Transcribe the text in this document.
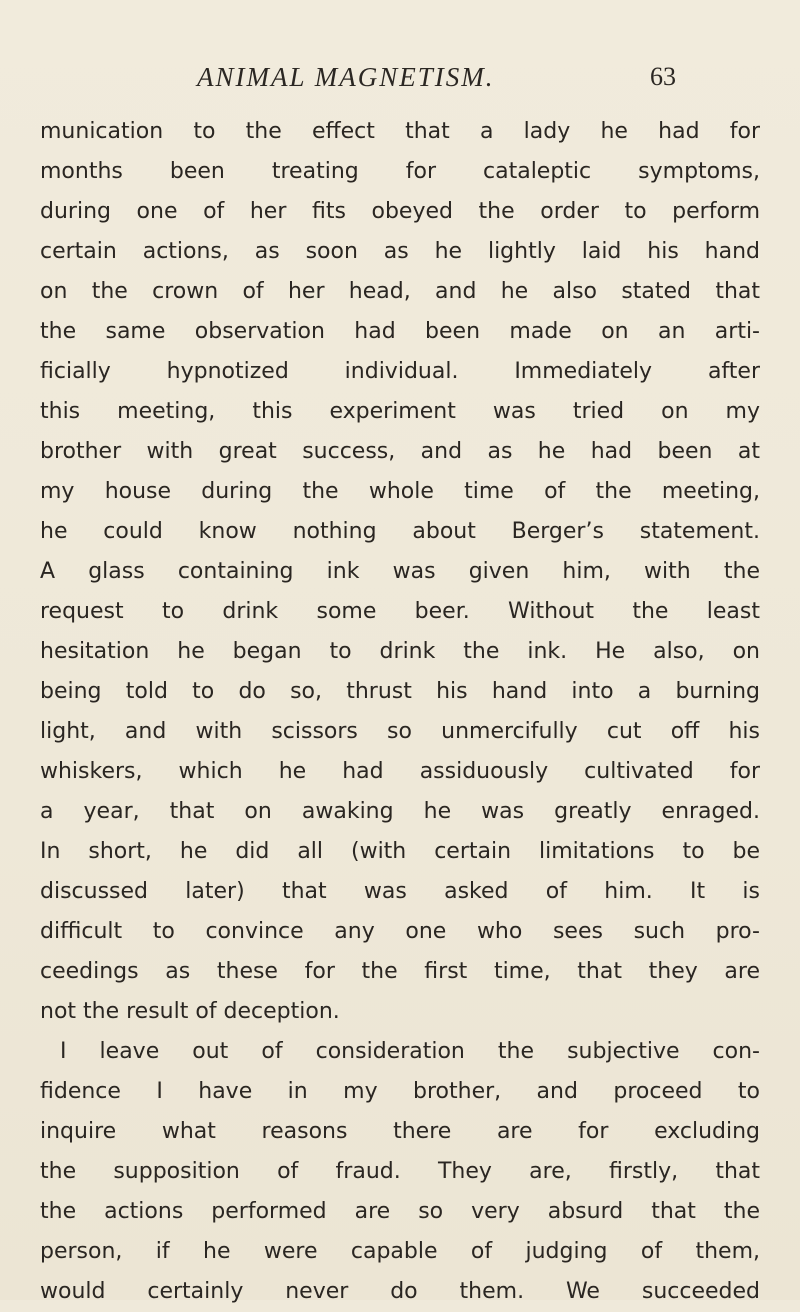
ANIMAL MAGNETISM.	63
munication to the effect that a lady he had for
months been treating for cataleptic symptoms,
during one of her fits obeyed the order to perform
certain actions, as soon as he lightly laid his hand
on the crown of her head, and he also stated that
the same observation had been made on an arti-
ficially hypnotized individual. Immediately after
this meeting, this experiment was tried on my
brother with great success, and as he had been at
my house during the whole time of the meeting,
he could know nothing about Berger’s statement.
A glass containing ink was given him, with the
request to drink some beer. Without the least
hesitation he began to drink the ink. He also, on
being told to do so, thrust his hand into a burning
light, and with scissors so unmercifully cut off his
whiskers, which he had assiduously cultivated for
a year, that on awaking he was greatly enraged.
In short, he did all (with certain limitations to be
discussed later) that was asked of him. It is
difficult to convince any one who sees such pro-
ceedings as these for the first time, that they are
not the result of deception.
I leave out of consideration the subjective con-
fidence I have in my brother, and proceed to
inquire what reasons there are for excluding
the supposition of fraud. They are, firstly, that
the actions performed are so very absurd that the
person, if he were capable of judging of them,
would certainly never do them. We succeeded
